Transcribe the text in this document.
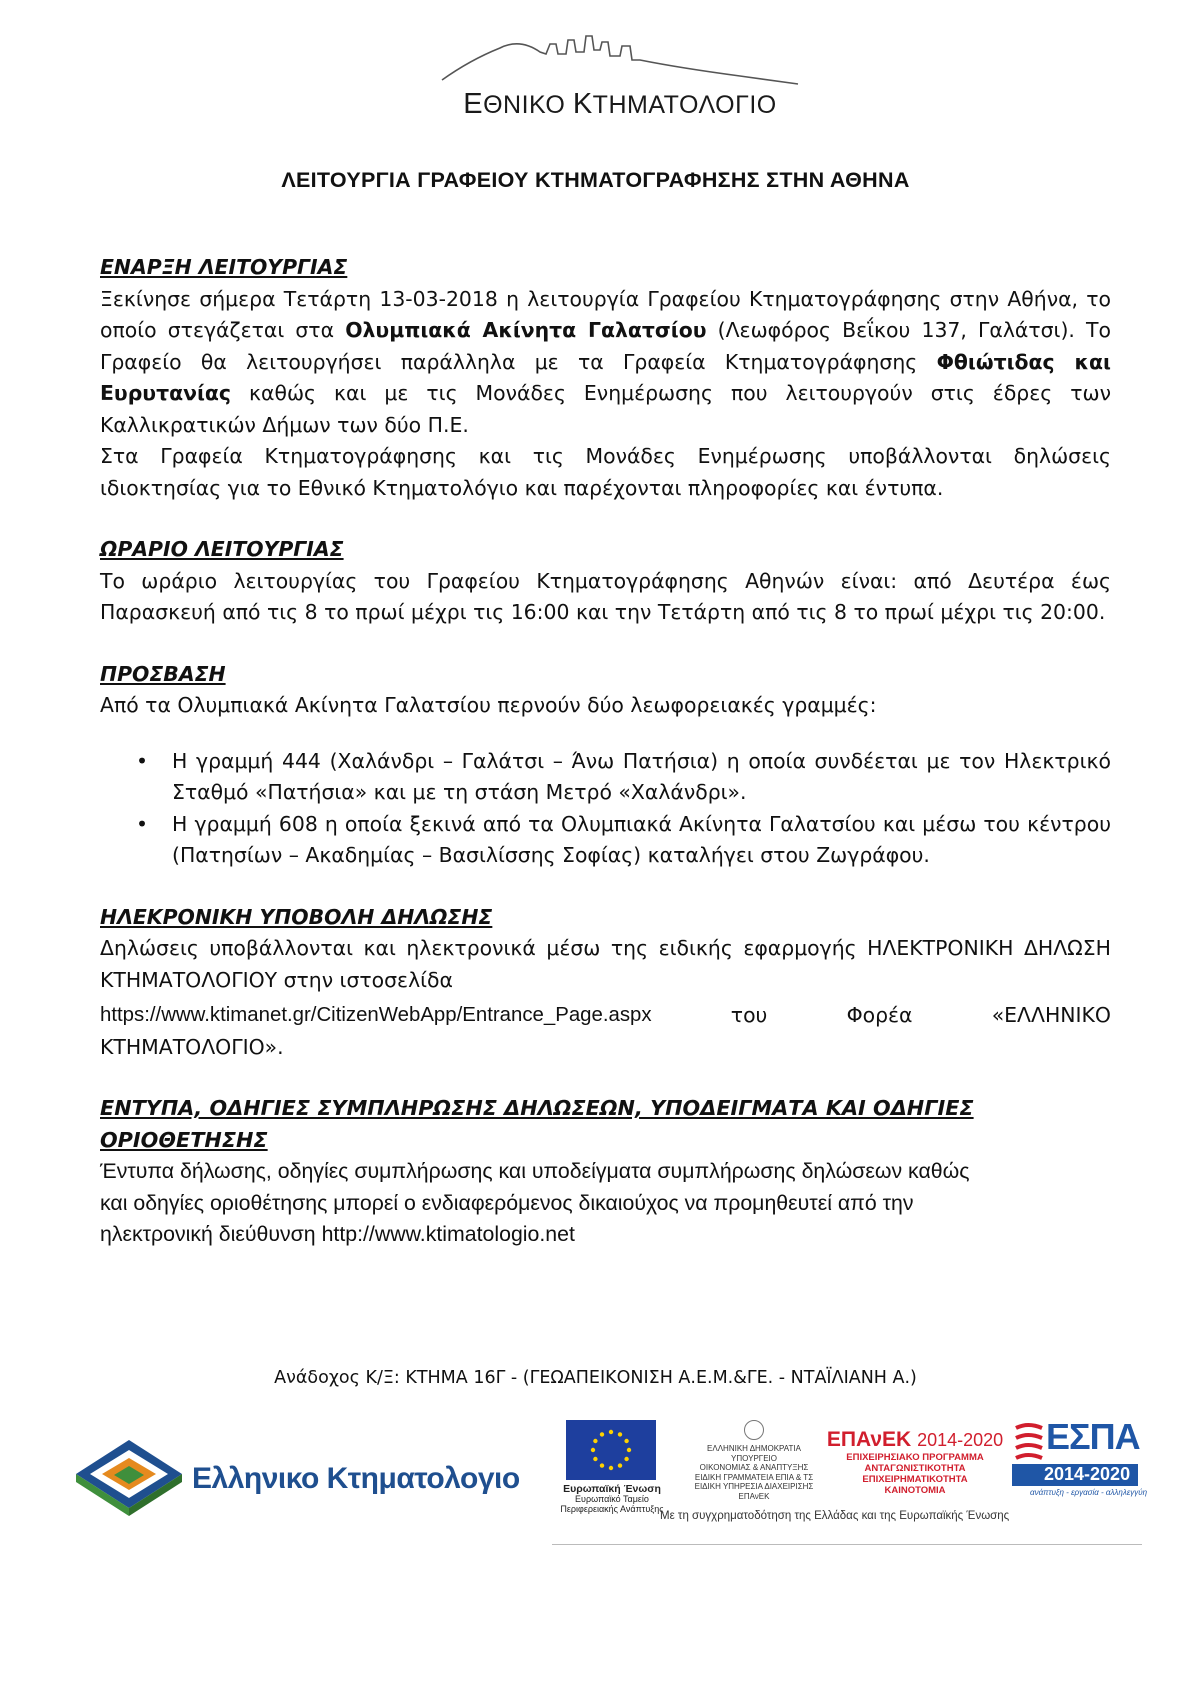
ΕΘΝΙΚΟ ΚΤΗΜΑΤΟΛΟΓΙΟ
ΛΕΙΤΟΥΡΓΙΑ ΓΡΑΦΕΙΟΥ ΚΤΗΜΑΤΟΓΡΑΦΗΣΗΣ ΣΤΗΝ ΑΘΗΝΑ
ΕΝΑΡΞΗ ΛΕΙΤΟΥΡΓΙΑΣ

Ξεκίνησε σήμερα Τετάρτη 13-03-2018 η λειτουργία Γραφείου Κτηματογράφησης στην Αθήνα, το οποίο στεγάζεται στα Ολυμπιακά Ακίνητα Γαλατσίου (Λεωφόρος Βεΐκου 137, Γαλάτσι). Το Γραφείο θα λειτουργήσει παράλληλα με τα Γραφεία Κτηματογράφησης Φθιώτιδας και Ευρυτανίας καθώς και με τις Μονάδες Ενημέρωσης που λειτουργούν στις έδρες των Καλλικρατικών Δήμων των δύο Π.Ε.

Στα Γραφεία Κτηματογράφησης και τις Μονάδες Ενημέρωσης υποβάλλονται δηλώσεις ιδιοκτησίας για το Εθνικό Κτηματολόγιο και παρέχονται πληροφορίες και έντυπα.

ΩΡΑΡΙΟ ΛΕΙΤΟΥΡΓΙΑΣ

Το ωράριο λειτουργίας του Γραφείου Κτηματογράφησης Αθηνών είναι: από Δευτέρα έως Παρασκευή από τις 8 το πρωί μέχρι τις 16:00 και την Τετάρτη από τις 8 το πρωί μέχρι τις 20:00.

ΠΡΟΣΒΑΣΗ

Από τα Ολυμπιακά Ακίνητα Γαλατσίου περνούν δύο λεωφορειακές γραμμές:

• Η γραμμή 444 (Χαλάνδρι – Γαλάτσι – Άνω Πατήσια) η οποία συνδέεται με τον Ηλεκτρικό Σταθμό «Πατήσια» και με τη στάση Μετρό «Χαλάνδρι».
• Η γραμμή 608 η οποία ξεκινά από τα Ολυμπιακά Ακίνητα Γαλατσίου και μέσω του κέντρου (Πατησίων – Ακαδημίας – Βασιλίσσης Σοφίας) καταλήγει στου Ζωγράφου.
ΗΛΕΚΡΟΝΙΚΗ ΥΠΟΒΟΛΗ ΔΗΛΩΣΗΣ

Δηλώσεις υποβάλλονται και ηλεκτρονικά μέσω της ειδικής εφαρμογής ΗΛΕΚΤΡΟΝΙΚΗ ΔΗΛΩΣΗ ΚΤΗΜΑΤΟΛΟΓΙΟΥ στην ιστοσελίδα

https://www.ktimanet.gr/CitizenWebApp/Entrance_Page.aspx	του	Φορέα	«ΕΛΛΗΝΙΚΟ
ΚΤΗΜΑΤΟΛΟΓΙΟ».
ΕΝΤΥΠΑ, ΟΔΗΓΙΕΣ ΣΥΜΠΛΗΡΩΣΗΣ ΔΗΛΩΣΕΩΝ, ΥΠΟΔΕΙΓΜΑΤΑ ΚΑΙ ΟΔΗΓΙΕΣ
ΟΡΙΟΘΕΤΗΣΗΣ

Έντυπα δήλωσης, οδηγίες συμπλήρωσης και υποδείγματα συμπλήρωσης δηλώσεων καθώς
και οδηγίες οριοθέτησης μπορεί ο ενδιαφερόμενος δικαιούχος να προμηθευτεί από την
ηλεκτρονική διεύθυνση http://www.ktimatologio.net

Ανάδοχος Κ/Ξ: ΚΤΗΜΑ 16Γ - (ΓΕΩΑΠΕΙΚΟΝΙΣΗ Α.Ε.Μ.&ΓΕ. - ΝΤΑΪΛΙΑΝΗ Α.)
Ελληνικο Κτηματολογιο	Ευρωπαϊκή Ένωση
Ευρωπαϊκό Ταμείο
Περιφερειακής Ανάπτυξης
ΕΛΛΗΝΙΚΗ ΔΗΜΟΚΡΑΤΙΑ
ΥΠΟΥΡΓΕΙΟ
ΟΙΚΟΝΟΜΙΑΣ & ΑΝΑΠΤΥΞΗΣ
ΕΙΔΙΚΗ ΓΡΑΜΜΑΤΕΙΑ ΕΠΙΑ & ΤΣ
ΕΙΔΙΚΗ ΥΠΗΡΕΣΙΑ ΔΙΑΧΕΙΡΙΣΗΣ ΕΠΑνΕΚ
ΕΠΑνΕΚ 2014-2020
ΕΠΙΧΕΙΡΗΣΙΑΚΟ ΠΡΟΓΡΑΜΜΑ
ΑΝΤΑΓΩΝΙΣΤΙΚΟΤΗΤΑ
ΕΠΙΧΕΙΡΗΜΑΤΙΚΟΤΗΤΑ
ΚΑΙΝΟΤΟΜΙΑ
ΕΣΠΑ
2014-2020
ανάπτυξη - εργασία - αλληλεγγύη
Με τη συγχρηματοδότηση της Ελλάδας και της Ευρωπαϊκής Ένωσης
